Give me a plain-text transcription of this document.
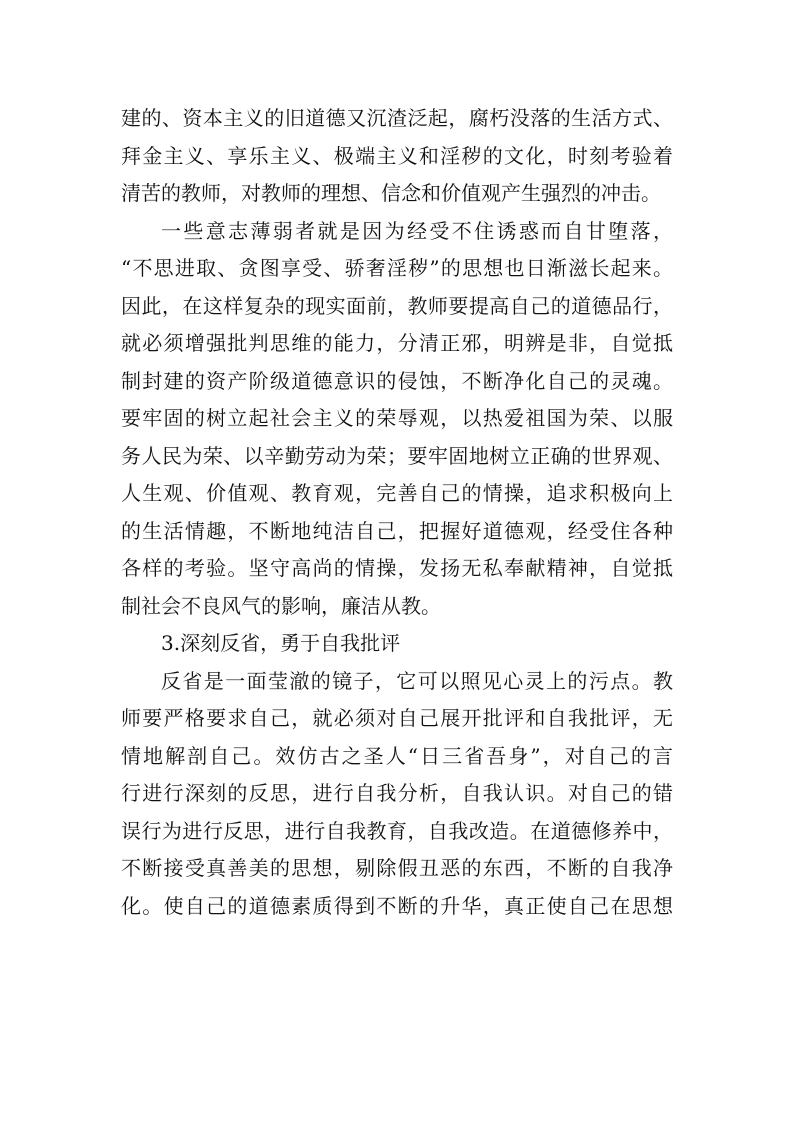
建的、资本主义的旧道德又沉渣泛起，腐朽没落的生活方式、
拜金主义、享乐主义、极端主义和淫秽的文化，时刻考验着
清苦的教师，对教师的理想、信念和价值观产生强烈的冲击。
一些意志薄弱者就是因为经受不住诱惑而自甘堕落，
“不思进取、贪图享受、骄奢淫秽”的思想也日渐滋长起来。
因此，在这样复杂的现实面前，教师要提高自己的道德品行，
就必须增强批判思维的能力，分清正邪，明辨是非，自觉抵
制封建的资产阶级道德意识的侵蚀，不断净化自己的灵魂。
要牢固的树立起社会主义的荣辱观，以热爱祖国为荣、以服
务人民为荣、以辛勤劳动为荣；要牢固地树立正确的世界观、
人生观、价值观、教育观，完善自己的情操，追求积极向上
的生活情趣，不断地纯洁自己，把握好道德观，经受住各种
各样的考验。坚守高尚的情操，发扬无私奉献精神，自觉抵
制社会不良风气的影响，廉洁从教。
3.深刻反省，勇于自我批评
反省是一面莹澈的镜子，它可以照见心灵上的污点。教
师要严格要求自己，就必须对自己展开批评和自我批评，无
情地解剖自己。效仿古之圣人“日三省吾身”，对自己的言
行进行深刻的反思，进行自我分析，自我认识。对自己的错
误行为进行反思，进行自我教育，自我改造。在道德修养中，
不断接受真善美的思想，剔除假丑恶的东西，不断的自我净
化。使自己的道德素质得到不断的升华，真正使自己在思想
